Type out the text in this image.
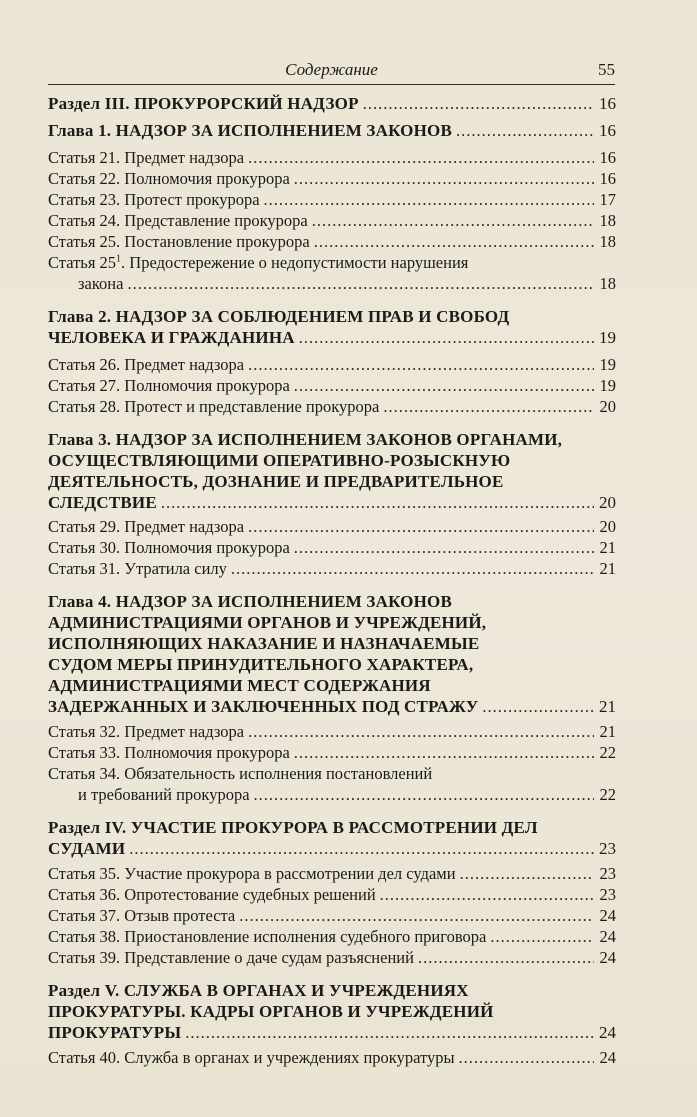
Содержание	55
Раздел III. ПРОКУРОРСКИЙ НАДЗОР .....	16
Глава 1. НАДЗОР ЗА ИСПОЛНЕНИЕМ ЗАКОНОВ .....	16
Статья 21. Предмет надзора .....	16
Статья 22. Полномочия прокурора .....	16
Статья 23. Протест прокурора .....	17
Статья 24. Представление прокурора .....	18
Статья 25. Постановление прокурора .....	18
Статья $25^1$. Предостережение о недопустимости нарушения
закона .....	18
Глава 2. НАДЗОР ЗА СОБЛЮДЕНИЕМ ПРАВ И СВОБОД
ЧЕЛОВЕКА И ГРАЖДАНИНА .....	19
Статья 26. Предмет надзора .....	19
Статья 27. Полномочия прокурора .....	19
Статья 28. Протест и представление прокурора .....	20
Глава 3. НАДЗОР ЗА ИСПОЛНЕНИЕМ ЗАКОНОВ ОРГАНАМИ,
ОСУЩЕСТВЛЯЮЩИМИ ОПЕРАТИВНО-РОЗЫСКНУЮ
ДЕЯТЕЛЬНОСТЬ, ДОЗНАНИЕ И ПРЕДВАРИТЕЛЬНОЕ
СЛЕДСТВИЕ .....	20
Статья 29. Предмет надзора .....	20
Статья 30. Полномочия прокурора .....	21
Статья 31. Утратила силу .....	21
Глава 4. НАДЗОР ЗА ИСПОЛНЕНИЕМ ЗАКОНОВ
АДМИНИСТРАЦИЯМИ ОРГАНОВ И УЧРЕЖДЕНИЙ,
ИСПОЛНЯЮЩИХ НАКАЗАНИЕ И НАЗНАЧАЕМЫЕ
СУДОМ МЕРЫ ПРИНУДИТЕЛЬНОГО ХАРАКТЕРА,
АДМИНИСТРАЦИЯМИ МЕСТ СОДЕРЖАНИЯ
ЗАДЕРЖАННЫХ И ЗАКЛЮЧЕННЫХ ПОД СТРАЖУ .....	21
Статья 32. Предмет надзора .....	21
Статья 33. Полномочия прокурора .....	22
Статья 34. Обязательность исполнения постановлений
и требований прокурора .....	22
Раздел IV. УЧАСТИЕ ПРОКУРОРА В РАССМОТРЕНИИ ДЕЛ
СУДАМИ .....	23
Статья 35. Участие прокурора в рассмотрении дел судами .....	23
Статья 36. Опротестование судебных решений .....	23
Статья 37. Отзыв протеста .....	24
Статья 38. Приостановление исполнения судебного приговора .....	24
Статья 39. Представление о даче судам разъяснений .....	24
Раздел V. СЛУЖБА В ОРГАНАХ И УЧРЕЖДЕНИЯХ
ПРОКУРАТУРЫ. КАДРЫ ОРГАНОВ И УЧРЕЖДЕНИЙ
ПРОКУРАТУРЫ .....	24
Статья 40. Служба в органах и учреждениях прокуратуры .....	24
